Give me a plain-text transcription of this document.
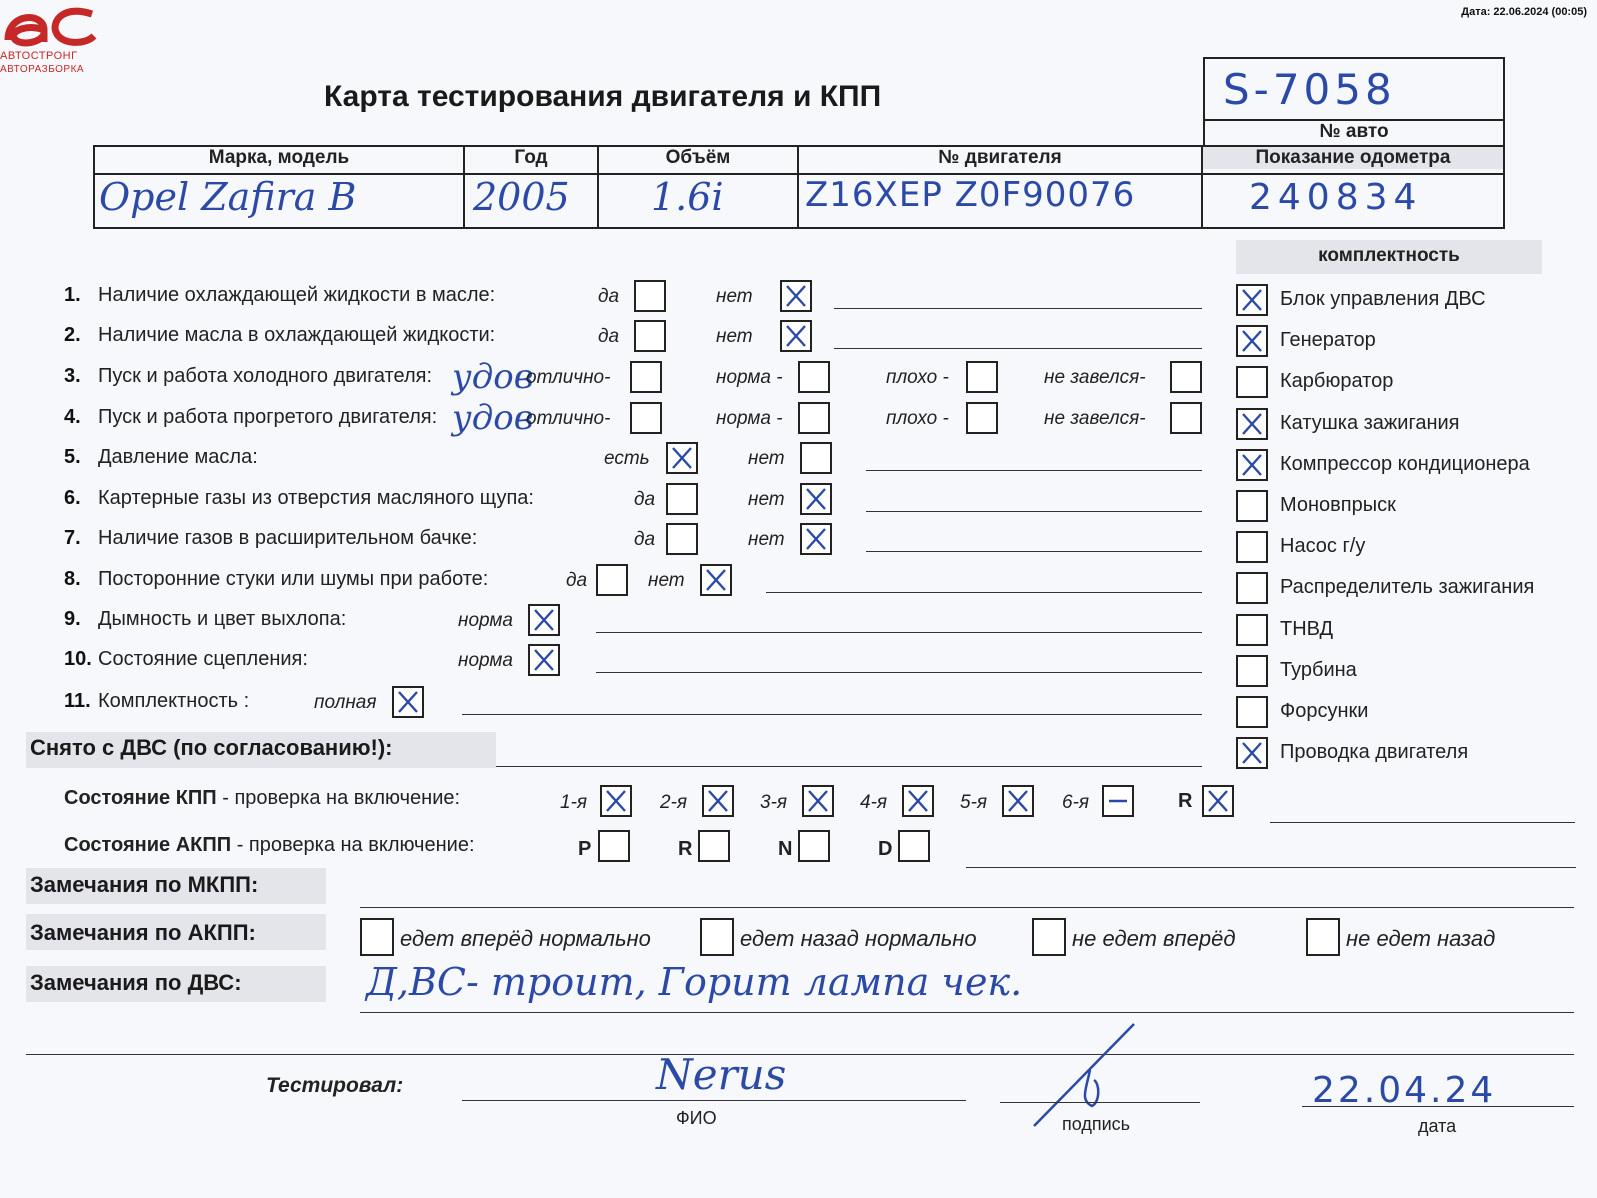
АВТОСТРОНГ
АВТОРАЗБОРКА
Дата: 22.06.2024 (00:05)
Карта тестирования двигателя и КПП	S-7058
№ авто
Марка, модель
Opel Zafira B
Год
2005
Объём
1.6i
№ двигателя
Z16XEP Z0F90076
Показание одометра
240834
комплектность
Блок управления ДВС
Генератор
Карбюратор
Катушка зажигания
Компрессор кондиционера
Моновпрыск
Насос г/у
Распределитель зажигания
ТНВД
Турбина
Форсунки
Проводка двигателя
1. Наличие охлаждающей жидкости в масле:	да	нет
2. Наличие масла в охлаждающей жидкости:	да	нет
3. Пуск и работа холодного двигателя: удов
отлично-	норма -	плохо -	не завелся-
4. Пуск и работа прогретого двигателя: удов
отлично-	норма -	плохо -	не завелся-
5. Давление масла:	есть	нет
6. Картерные газы из отверстия масляного щупа:	да	нет
7. Наличие газов в расширительном бачке:	да	нет
8. Посторонние стуки или шумы при работе:	да	нет
9. Дымность и цвет выхлопа:	норма
10. Состояние сцепления:	норма
11. Комплектность :	полная
Снято с ДВС (по согласованию!):
Состояние КПП - проверка на включение:	1-я	2-я	3-я	4-я	5-я	6-я	R
Состояние АКПП - проверка на включение:	P	R	N	D
Замечания по МКПП:
Замечания по АКПП:	едет вперёд нормально	едет назад нормально	не едет вперёд	не едет назад
Замечания по ДВС:	Д,ВС- троит, Горит лампа чек.
Тестировал:	Nerus
ФИО	подпись
22.04.24
дата
